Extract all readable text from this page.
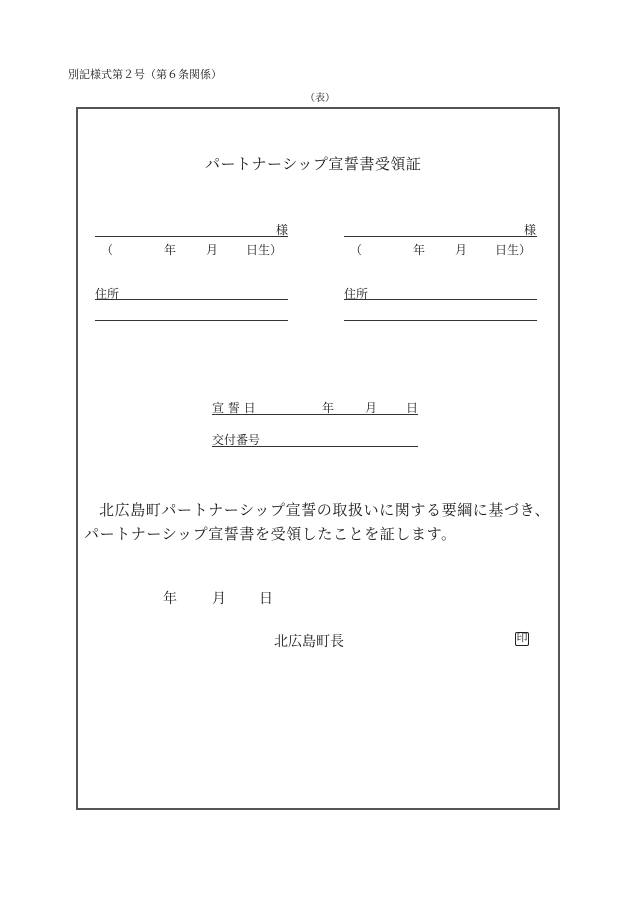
別記様式第２号（第６条関係）
（表）
パートナーシップ宣誓書受領証
様
（	年 月 日生）
住所
様
（	年 月 日生）
住所
宣 誓 日	年	月 日
交付番号
北広島町パートナーシップ宣誓の取扱いに関する要綱に基づき、パートナーシップ宣誓書を受領したことを証します。
年	月 日
北広島町長	印
